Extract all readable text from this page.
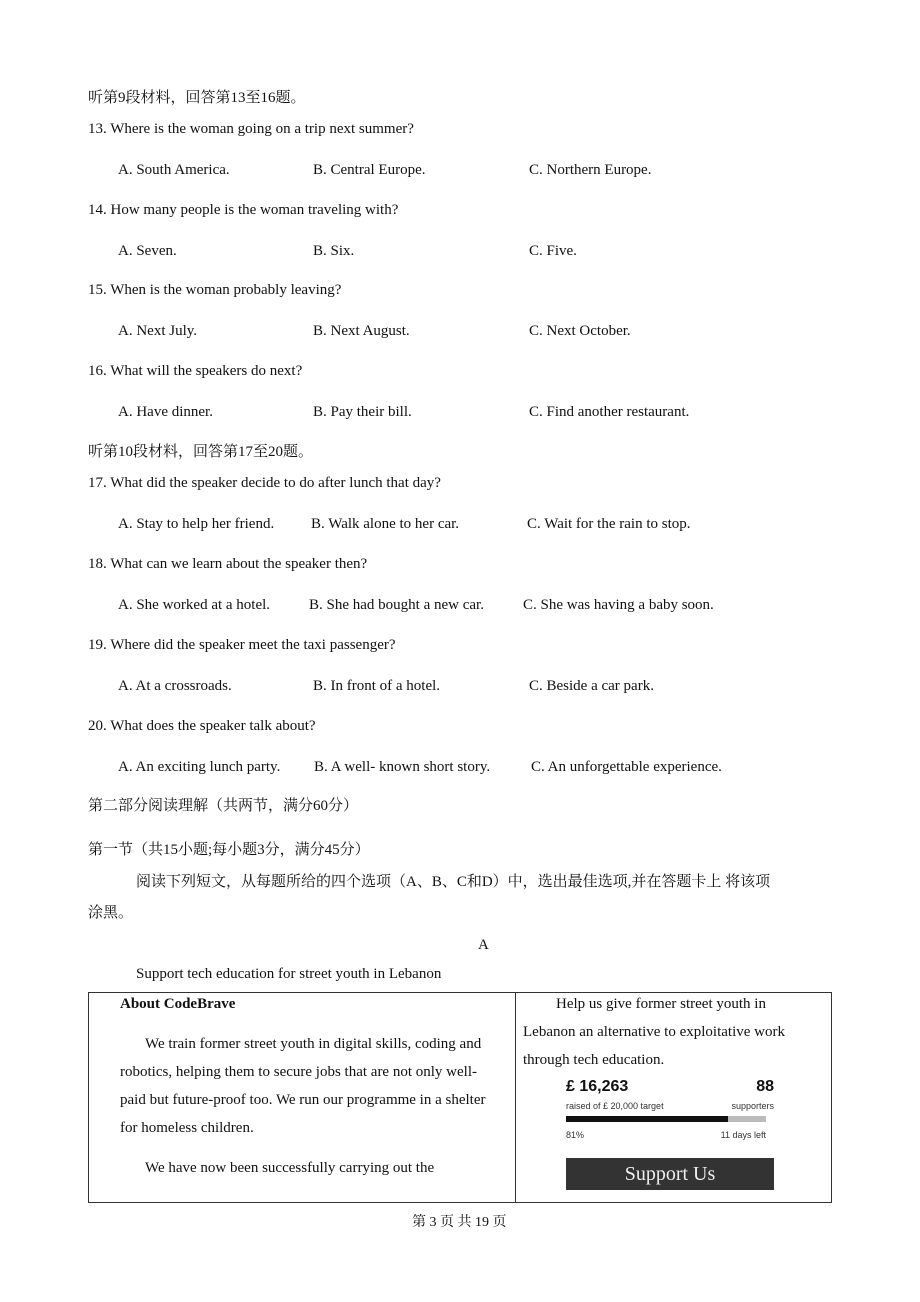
听第9段材料，回答第13至16题。
13. Where is the woman going on a trip next summer?
A. South America.	B. Central Europe.	C. Northern Europe.
14. How many people is the woman traveling with?
A. Seven.	B. Six.	C. Five.
15. When is the woman probably leaving?
A. Next July.	B. Next August.	C. Next October.
16. What will the speakers do next?
A. Have dinner.	B. Pay their bill.	C. Find another restaurant.
听第10段材料，回答第17至20题。
17. What did the speaker decide to do after lunch that day?
A. Stay to help her friend. B. Walk alone to her car.	C. Wait for the rain to stop.
18. What can we learn about the speaker then?
A. She worked at a hotel.	B. She had bought a new car.	C. She was having a baby soon.
19. Where did the speaker meet the taxi passenger?
A. At a crossroads.	B. In front of a hotel.	C. Beside a car park.
20. What does the speaker talk about?
A. An exciting lunch party. B. A well- known short story.	C. An unforgettable experience.
第二部分阅读理解（共两节，满分60分）
第一节（共15小题;每小题3分，满分45分）
阅读下列短文，从每题所给的四个选项（A、B、C和D）中，选出最佳选项,并在答题卡上 将该项
涂黑。
A
Support tech education for street youth in Lebanon
About CodeBrave
We train former street youth in digital skills, coding and
robotics, helping them to secure jobs that are not only well-
paid but future-proof too. We run our programme in a shelter
for homeless children.
We have now been successfully carrying out the
Help us give former street youth in
Lebanon an alternative to exploitative work
through tech education.
£ 16,263	88
raised of £ 20,000 target	supporters
81%	11 days left
Support Us
第 3 页 共 19 页
